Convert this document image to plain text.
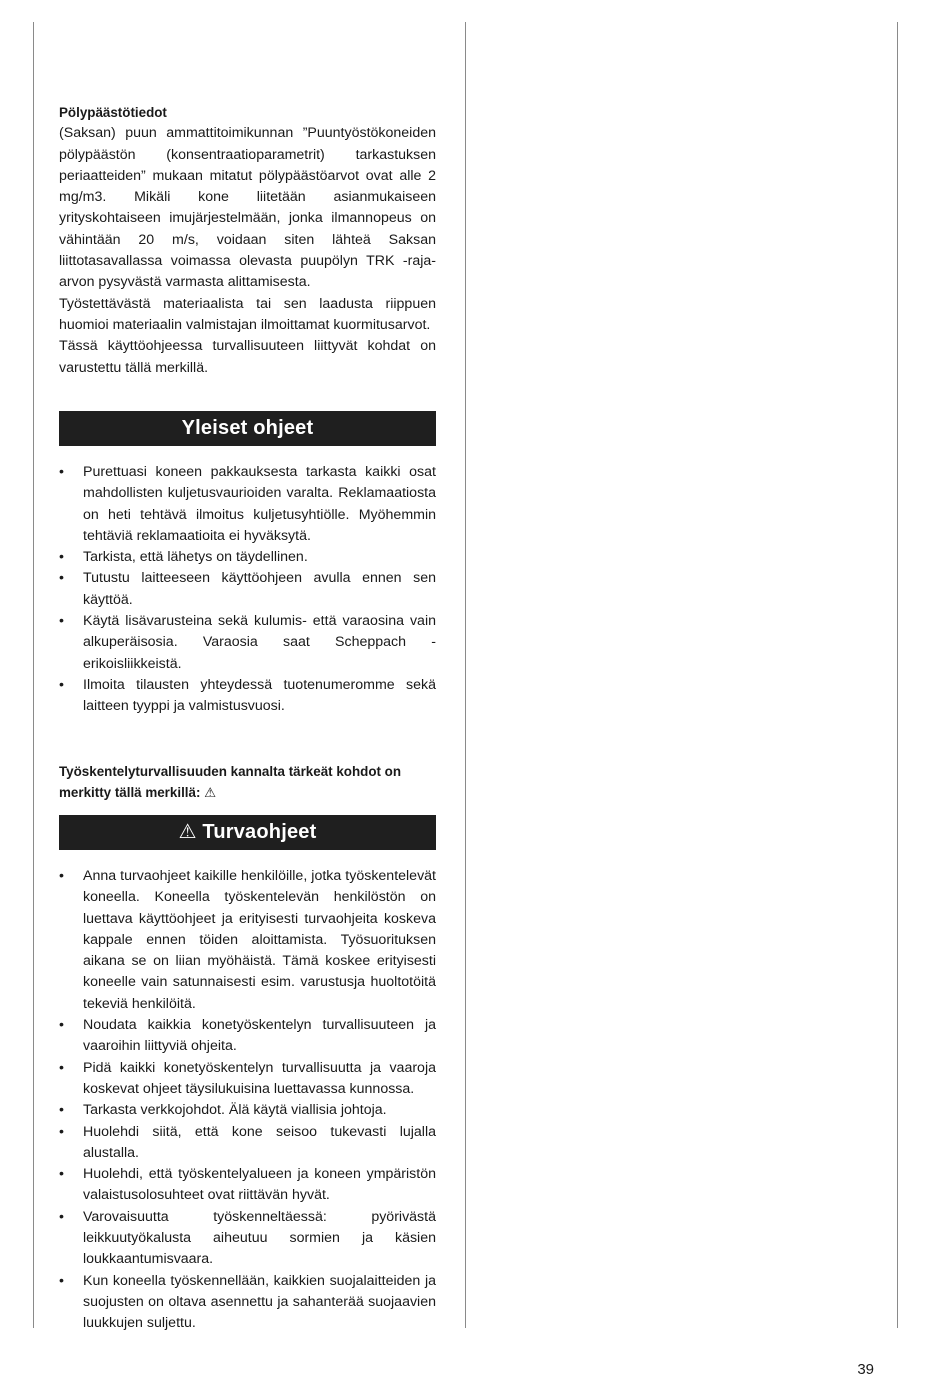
Pölypäästötiedot

(Saksan) puun ammattitoimikunnan ”Puuntyöstökoneiden pölypäästön (konsentraatioparametrit) tarkastuksen periaatteiden” mukaan mitatut pölypäästöarvot ovat alle 2 mg/m3. Mikäli kone liitetään asianmukaiseen yrityskohtaiseen imujärjestelmään, jonka ilmannopeus on vähintään 20 m/s, voidaan siten lähteä Saksan liittotasavallassa voimassa olevasta puupölyn TRK -raja-arvon pysyvästä varmasta alittamisesta.

Työstettävästä materiaalista tai sen laadusta riippuen huomioi materiaalin valmistajan ilmoittamat kuormitusarvot.

Tässä käyttöohjeessa turvallisuuteen liittyvät kohdat on varustettu tällä merkillä.

Yleiset ohjeet
• Purettuasi koneen pakkauksesta tarkasta kaikki osat mahdollisten kuljetusvaurioiden varalta. Reklamaatiosta on heti tehtävä ilmoitus kuljetusyhtiölle. Myöhemmin tehtäviä reklamaatioita ei hyväksytä.
• Tarkista, että lähetys on täydellinen.
• Tutustu laitteeseen käyttöohjeen avulla ennen sen käyttöä.
• Käytä lisävarusteina sekä kulumis- että varaosina vain alkuperäisosia. Varaosia saat Scheppach -erikoisliikkeistä.
• Ilmoita tilausten yhteydessä tuotenumeromme sekä laitteen tyyppi ja valmistusvuosi.

Työskentelyturvallisuuden kannalta tärkeät kohdot on merkitty tällä merkillä: ⚠

⚠ Turvaohjeet
• Anna turvaohjeet kaikille henkilöille, jotka työskentelevät koneella. Koneella työskentelevän henkilöstön on luettava käyttöohjeet ja erityisesti turvaohjeita koskeva kappale ennen töiden aloittamista. Työsuorituksen aikana se on liian myöhäistä. Tämä koskee erityisesti koneelle vain satunnaisesti esim. varustusja huoltotöitä tekeviä henkilöitä.
• Noudata kaikkia konetyöskentelyn turvallisuuteen ja vaaroihin liittyviä ohjeita.
• Pidä kaikki konetyöskentelyn turvallisuutta ja vaaroja koskevat ohjeet täysilukuisina luettavassa kunnossa.
• Tarkasta verkkojohdot. Älä käytä viallisia johtoja.
• Huolehdi siitä, että kone seisoo tukevasti lujalla alustalla.
• Huolehdi, että työskentelyalueen ja koneen ympäristön valaistusolosuhteet ovat riittävän hyvät.
• Varovaisuutta työskenneltäessä: pyörivästä leikkuutyökalusta aiheutuu sormien ja käsien loukkaantumisvaara.
• Kun koneella työskennellään, kaikkien suojalaitteiden ja suojusten on oltava asennettu ja sahanterää suojaavien luukkujen suljettu.
39
